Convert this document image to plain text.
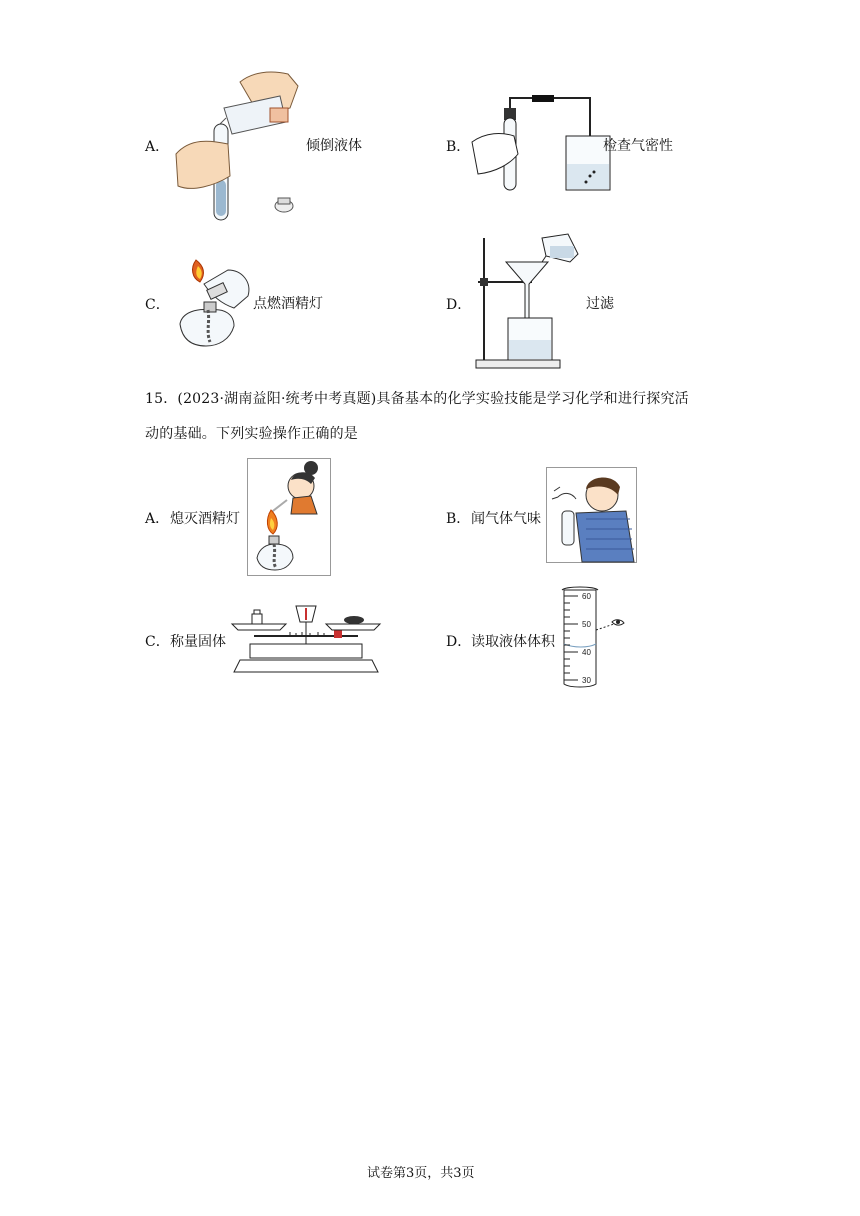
A．	倾倒液体	B．	检查气密性
C．	点燃酒精灯	D．	过滤
15．(2023·湖南益阳·统考中考真题)具备基本的化学实验技能是学习化学和进行探究活
动的基础。下列实验操作正确的是
A． 熄灭酒精灯	B． 闻气体气味
C． 称量固体	D． 读取液体体积
60
50
40
30
试卷第3页，共3页
